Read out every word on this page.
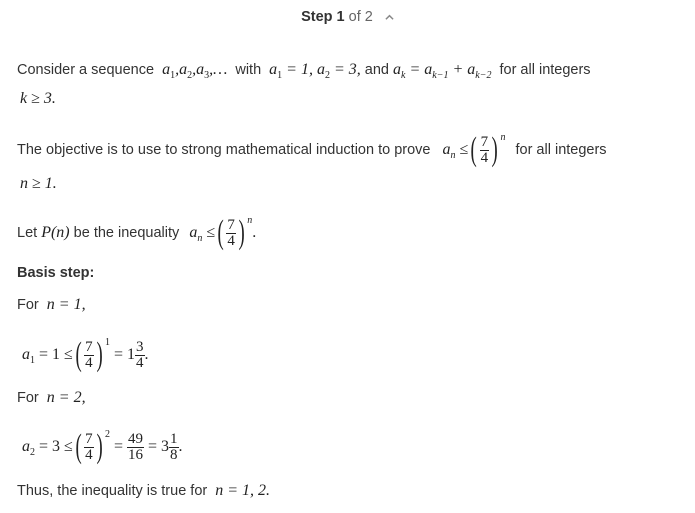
Step 1 of 2
Consider a sequence  $a_1,a_2,a_3,\dots$  with  $a_1 = 1$, $a_2 = 3$, and $a_k = a_{k-1} + a_{k-2}$ for all integers
k ≥ 3.
The objective is to use to strong mathematical induction to prove $a_n$ ≤( $\frac{7}{4}$ ) $^n$ for all integers
n ≥ 1.
Let P(n) be the inequality $a_n$ ≤( $\frac{7}{4}$ ) $^n$.
Basis step:
For n = 1,
$a_1 = 1$ ≤( $\frac{7}{4}$ ) $^1 = 1 \frac{3}{4}$ .
For n = 2,
$a_2 = 3$ ≤( $\frac{7}{4}$ ) $^2 = \frac{49}{16} = 3 \frac{1}{8}$ .
Thus, the inequality is true for n = 1, 2.
